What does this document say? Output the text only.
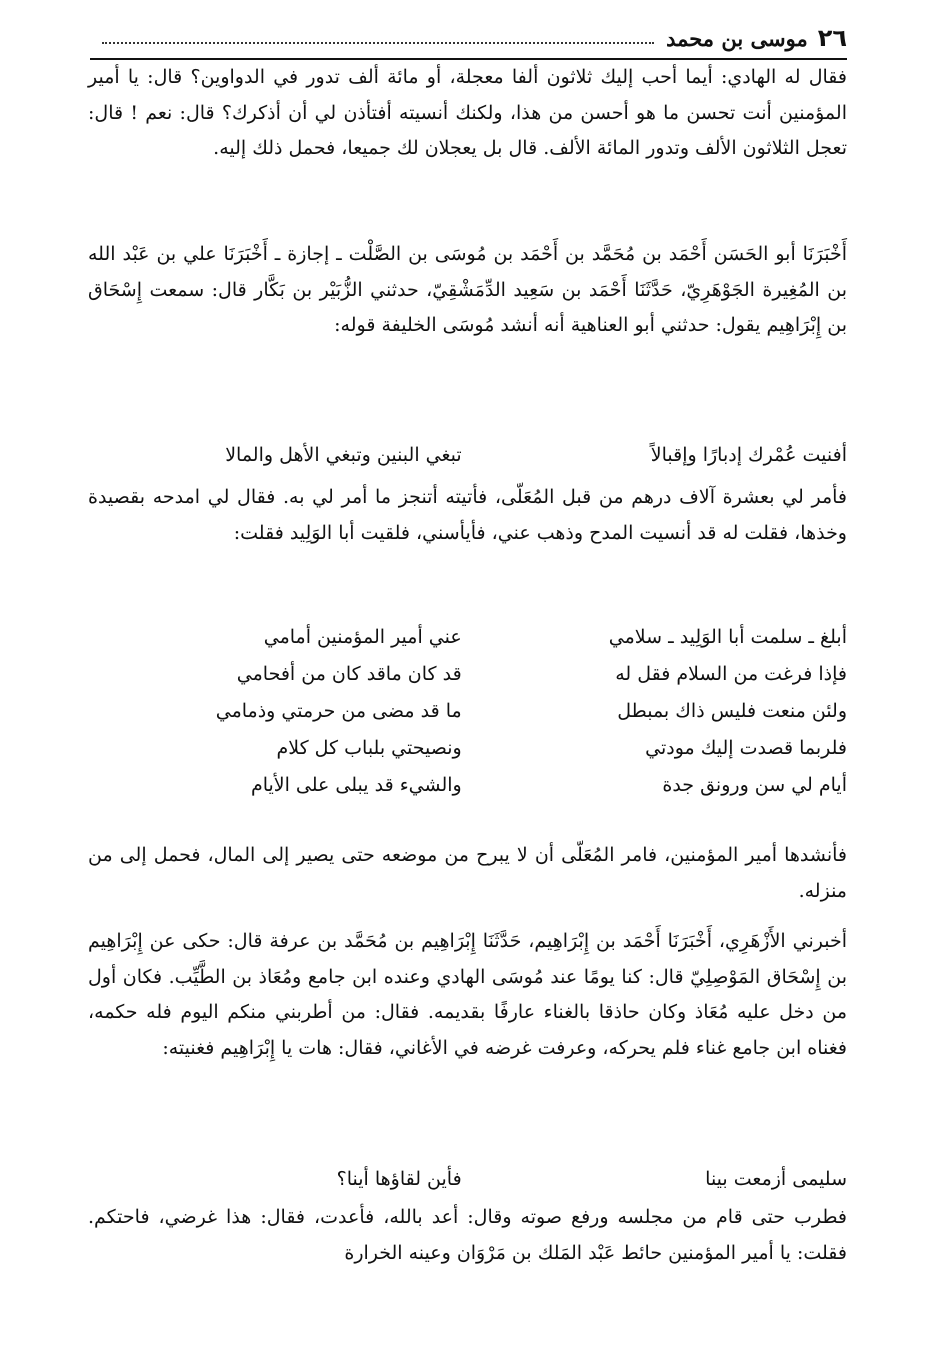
٢٦
موسى بن محمد

فقال له الهادي: أيما أحب إليك ثلاثون ألفا معجلة، أو مائة ألف تدور في الدواوين؟ قال: يا أمير المؤمنين أنت تحسن ما هو أحسن من هذا، ولكنك أنسيته أفتأذن لي أن أذكرك؟ قال: نعم ! قال: تعجل الثلاثون الألف وتدور المائة الألف. قال بل يعجلان لك جميعا، فحمل ذلك إليه.

أَخْبَرَنَا أبو الحَسَن أَحْمَد بن مُحَمَّد بن أَحْمَد بن مُوسَى بن الصَّلْت ـ إجازة ـ أَخْبَرَنَا علي بن عَبْد الله بن المُغِيرة الجَوْهَرِيّ، حَدَّثَنَا أَحْمَد بن سَعِيد الدِّمَشْقِيّ، حدثني الزُّبَيْر بن بَكَّار قال: سمعت إِسْحَاق بن إِبْرَاهِيم يقول: حدثني أبو العناهية أنه أنشد مُوسَى الخليفة قوله:

أفنيت عُمْرك إدبارًا وإقبالاً
تبغي البنين وتبغي الأهل والمالا

فأمر لي بعشرة آلاف درهم من قبل المُعَلّى، فأتيته أتنجز ما أمر لي به. فقال لي امدحه بقصيدة وخذها، فقلت له قد أنسيت المدح وذهب عني، فأيأسني، فلقيت أبا الوَلِيد فقلت:

أبلغ ـ سلمت أبا الوَلِيد ـ سلامي
عني أمير المؤمنين أمامي
فإذا فرغت من السلام فقل له
قد كان ماقد كان من أفحامي
ولئن منعت فليس ذاك بمبطل
ما قد مضى من حرمتي وذمامي
فلربما قصدت إليك مودتي
ونصيحتي بلباب كل كلام
أيام لي سن ورونق جدة
والشيء قد يبلى على الأيام

فأنشدها أمير المؤمنين، فامر المُعَلّى أن لا يبرح من موضعه حتى يصير إلى المال، فحمل إلى من منزله.

أخبرني الأَزْهَرِي، أَخْبَرَنَا أَحْمَد بن إِبْرَاهِيم، حَدَّثَنَا إِبْرَاهِيم بن مُحَمَّد بن عرفة قال: حكى عن إِبْرَاهِيم بن إِسْحَاق المَوْصِلِيّ قال: كنا يومًا عند مُوسَى الهادي وعنده ابن جامع ومُعَاذ بن الطَّيِّب. فكان أول من دخل عليه مُعَاذ وكان حاذقا بالغناء عارفًا بقديمه. فقال: من أطربني منكم اليوم فله حكمه، فغناه ابن جامع غناء فلم يحركه، وعرفت غرضه في الأغاني، فقال: هات يا إِبْرَاهِيم فغنيته:

سليمى أزمعت بينا
فأين لقاؤها أينا؟

فطرب حتى قام من مجلسه ورفع صوته وقال: أعد بالله، فأعدت، فقال: هذا غرضي، فاحتكم. فقلت: يا أمير المؤمنين حائط عَبْد المَلك بن مَرْوَان وعينه الخرارة
